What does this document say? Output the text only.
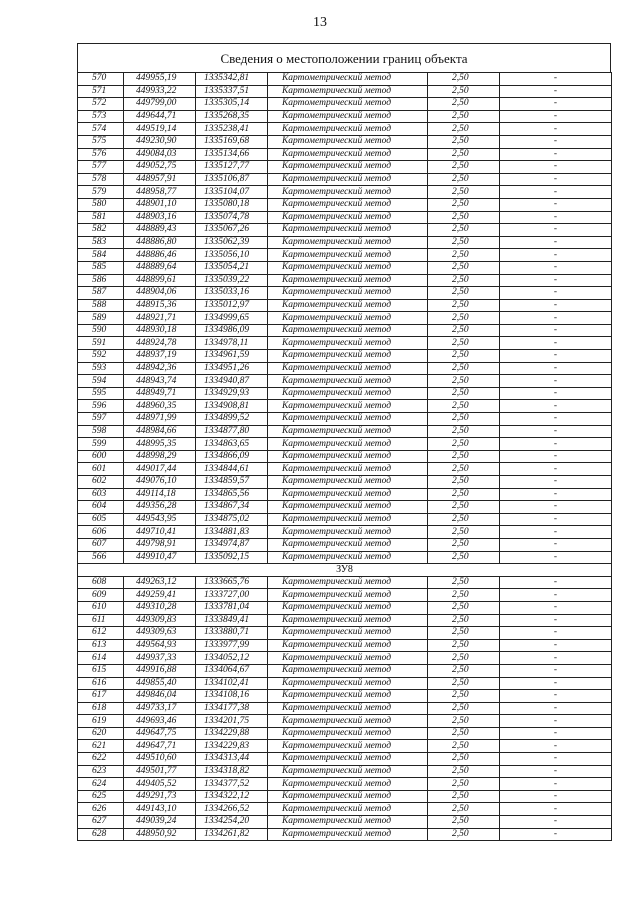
13
Сведения о местоположении границ объекта
570	449955,19	1335342,81	Картометрический метод	2,50	-
571	449933,22	1335337,51	Картометрический метод	2,50	-
572	449799,00	1335305,14	Картометрический метод	2,50	-
573	449644,71	1335268,35	Картометрический метод	2,50	-
574	449519,14	1335238,41	Картометрический метод	2,50	-
575	449230,90	1335169,68	Картометрический метод	2,50	-
576	449084,03	1335134,66	Картометрический метод	2,50	-
577	449052,75	1335127,77	Картометрический метод	2,50	-
578	448957,91	1335106,87	Картометрический метод	2,50	-
579	448958,77	1335104,07	Картометрический метод	2,50	-
580	448901,10	1335080,18	Картометрический метод	2,50	-
581	448903,16	1335074,78	Картометрический метод	2,50	-
582	448889,43	1335067,26	Картометрический метод	2,50	-
583	448886,80	1335062,39	Картометрический метод	2,50	-
584	448886,46	1335056,10	Картометрический метод	2,50	-
585	448889,64	1335054,21	Картометрический метод	2,50	-
586	448899,61	1335039,22	Картометрический метод	2,50	-
587	448904,06	1335033,16	Картометрический метод	2,50	-
588	448915,36	1335012,97	Картометрический метод	2,50	-
589	448921,71	1334999,65	Картометрический метод	2,50	-
590	448930,18	1334986,09	Картометрический метод	2,50	-
591	448924,78	1334978,11	Картометрический метод	2,50	-
592	448937,19	1334961,59	Картометрический метод	2,50	-
593	448942,36	1334951,26	Картометрический метод	2,50	-
594	448943,74	1334940,87	Картометрический метод	2,50	-
595	448949,71	1334929,93	Картометрический метод	2,50	-
596	448960,35	1334908,81	Картометрический метод	2,50	-
597	448971,99	1334899,52	Картометрический метод	2,50	-
598	448984,66	1334877,80	Картометрический метод	2,50	-
599	448995,35	1334863,65	Картометрический метод	2,50	-
600	448998,29	1334866,09	Картометрический метод	2,50	-
601	449017,44	1334844,61	Картометрический метод	2,50	-
602	449076,10	1334859,57	Картометрический метод	2,50	-
603	449114,18	1334865,56	Картометрический метод	2,50	-
604	449356,28	1334867,34	Картометрический метод	2,50	-
605	449543,95	1334875,02	Картометрический метод	2,50	-
606	449710,41	1334881,83	Картометрический метод	2,50	-
607	449798,91	1334974,87	Картометрический метод	2,50	-
566	449910,47	1335092,15	Картометрический метод	2,50	-
ЗУ8					
608	449263,12	1333665,76	Картометрический метод	2,50	-
609	449259,41	1333727,00	Картометрический метод	2,50	-
610	449310,28	1333781,04	Картометрический метод	2,50	-
611	449309,83	1333849,41	Картометрический метод	2,50	-
612	449309,63	1333880,71	Картометрический метод	2,50	-
613	449564,93	1333977,99	Картометрический метод	2,50	-
614	449937,33	1334052,12	Картометрический метод	2,50	-
615	449916,88	1334064,67	Картометрический метод	2,50	-
616	449855,40	1334102,41	Картометрический метод	2,50	-
617	449846,04	1334108,16	Картометрический метод	2,50	-
618	449733,17	1334177,38	Картометрический метод	2,50	-
619	449693,46	1334201,75	Картометрический метод	2,50	-
620	449647,75	1334229,88	Картометрический метод	2,50	-
621	449647,71	1334229,83	Картометрический метод	2,50	-
622	449510,60	1334313,44	Картометрический метод	2,50	-
623	449501,77	1334318,82	Картометрический метод	2,50	-
624	449405,52	1334377,52	Картометрический метод	2,50	-
625	449291,73	1334322,12	Картометрический метод	2,50	-
626	449143,10	1334266,52	Картометрический метод	2,50	-
627	449039,24	1334254,20	Картометрический метод	2,50	-
628	448950,92	1334261,82	Картометрический метод	2,50	-
